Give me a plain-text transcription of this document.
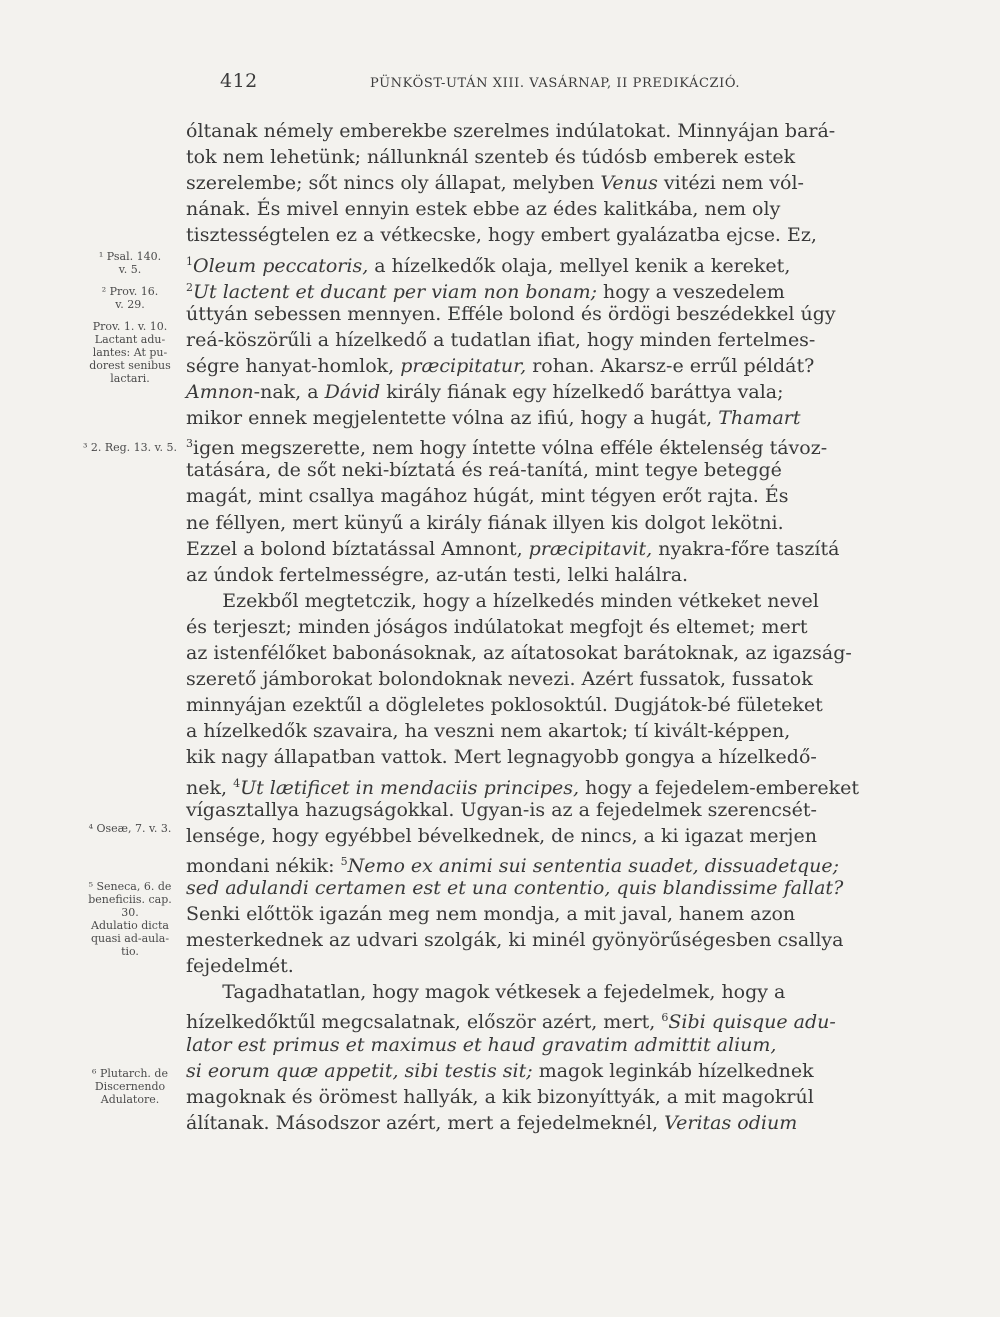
412	PÜNKÖST-UTÁN XIII. VASÁRNAP, II PREDIKÁCZIÓ.
¹ Psal. 140.
v. 5.
² Prov. 16.
v. 29.
Prov. 1. v. 10.
Lactant adu-
lantes: At pu-
dorest senibus
lactari.
³ 2. Reg. 13. v. 5.
⁴ Oseæ, 7. v. 3.
⁵ Seneca, 6. de
beneficiis. cap.
30.
Adulatio dicta
quasi ad-aula-
tio.
⁶ Plutarch. de
Discernendo
Adulatore.
óltanak némely emberekbe szerelmes indúlatokat. Minnyájan bará-
tok nem lehetünk; nállunknál szenteb és túdósb emberek estek
szerelembe; sőt nincs oly állapat, melyben Venus vitézi nem vól-
nának. És mivel ennyin estek ebbe az édes kalitkába, nem oly
tisztességtelen ez a vétkecske, hogy embert gyalázatba ejcse. Ez,
$^1$Oleum peccatoris, a hízelkedők olaja, mellyel kenik a kereket,
$^2$Ut lactent et ducant per viam non bonam; hogy a veszedelem
úttyán sebessen mennyen. Efféle bolond és ördögi beszédekkel úgy
reá-köszörűli a hízelkedő a tudatlan ifiat, hogy minden fertelmes-
ségre hanyat-homlok, præcipitatur, rohan. Akarsz-e errűl példát?
Amnon-nak, a Dávid király fiának egy hízelkedő baráttya vala;
mikor ennek megjelentette vólna az ifiú, hogy a hugát, Thamart
$^3$igen megszerette, nem hogy íntette vólna efféle éktelenség távoz-
tatására, de sőt neki-bíztatá és reá-tanítá, mint tegye beteggé
magát, mint csallya magához húgát, mint tégyen erőt rajta. És
ne féllyen, mert künyű a király fiának illyen kis dolgot lekötni.
Ezzel a bolond bíztatással Amnont, præcipitavit, nyakra-főre taszítá
az úndok fertelmességre, az-után testi, lelki halálra.
Ezekből megtetczik, hogy a hízelkedés minden vétkeket nevel
és terjeszt; minden jóságos indúlatokat megfojt és eltemet; mert
az istenfélőket babonásoknak, az aítatosokat barátoknak, az igazság-
szerető jámborokat bolondoknak nevezi. Azért fussatok, fussatok
minnyájan ezektűl a dögleletes poklosoktúl. Dugjátok-bé fületeket
a hízelkedők szavaira, ha veszni nem akartok; tí kivált-képpen,
kik nagy állapatban vattok. Mert legnagyobb gongya a hízelkedő-
nek, $^4$Ut lætificet in mendaciis principes, hogy a fejedelem-embereket
vígasztallya hazugságokkal. Ugyan-is az a fejedelmek szerencsét-
lensége, hogy egyébbel bévelkednek, de nincs, a ki igazat merjen
mondani nékik: $^5$Nemo ex animi sui sententia suadet, dissuadetque;
sed adulandi certamen est et una contentio, quis blandissime fallat?
Senki előttök igazán meg nem mondja, a mit javal, hanem azon
mesterkednek az udvari szolgák, ki minél gyönyörűségesben csallya
fejedelmét.
Tagadhatatlan, hogy magok vétkesek a fejedelmek, hogy a
hízelkedőktűl megcsalatnak, először azért, mert, $^6$Sibi quisque adu-
lator est primus et maximus et haud gravatim admittit alium,
si eorum quæ appetit, sibi testis sit; magok leginkáb hízelkednek
magoknak és örömest hallyák, a kik bizonyíttyák, a mit magokrúl
álítanak. Másodszor azért, mert a fejedelmeknél, Veritas odium
